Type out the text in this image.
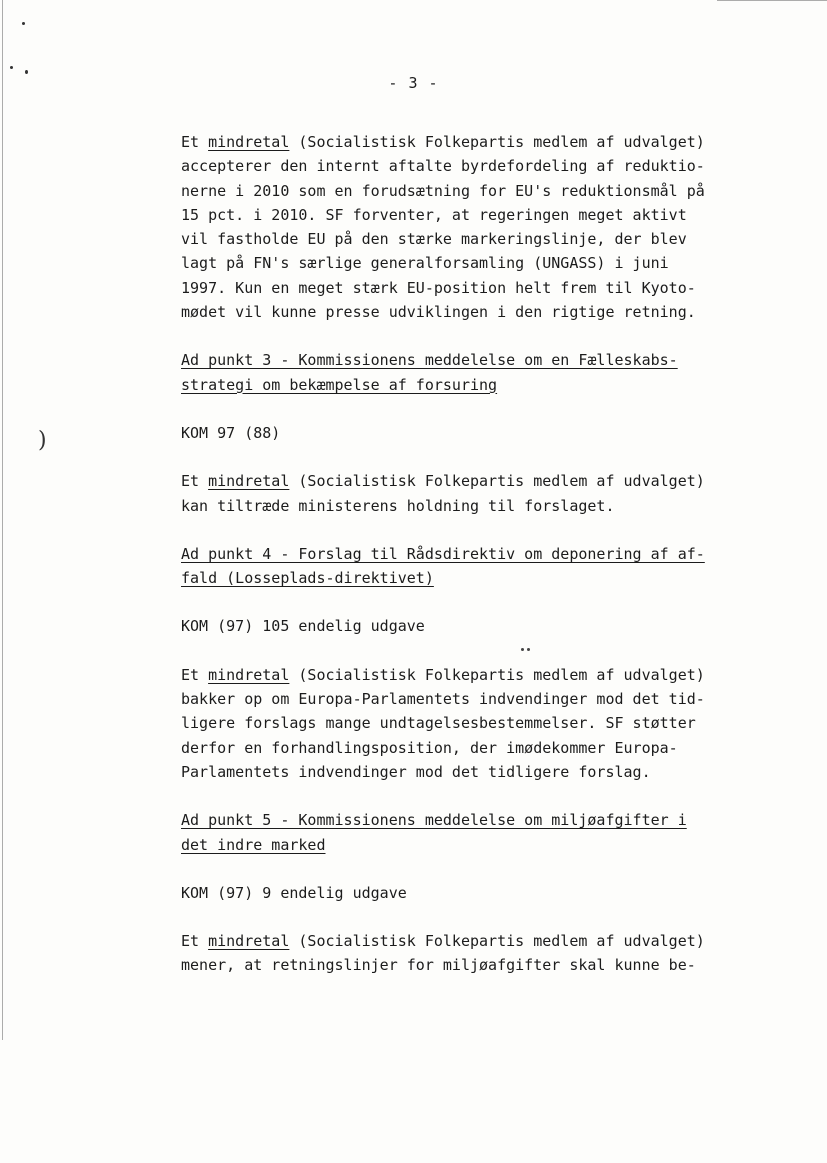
)
- 3 -
Et mindretal (Socialistisk Folkepartis medlem af udvalget)
accepterer den internt aftalte byrdefordeling af reduktio-
nerne i 2010 som en forudsætning for EU's reduktionsmål på
15 pct. i 2010. SF forventer, at regeringen meget aktivt
vil fastholde EU på den stærke markeringslinje, der blev
lagt på FN's særlige generalforsamling (UNGASS) i juni
1997. Kun en meget stærk EU-position helt frem til Kyoto-
mødet vil kunne presse udviklingen i den rigtige retning.
Ad punkt 3 - Kommissionens meddelelse om en Fælleskabs-
strategi om bekæmpelse af forsuring
KOM 97 (88)
Et mindretal (Socialistisk Folkepartis medlem af udvalget)
kan tiltræde ministerens holdning til forslaget.
Ad punkt 4 - Forslag til Rådsdirektiv om deponering af af-
fald (Losseplads-direktivet)
KOM (97) 105 endelig udgave
Et mindretal (Socialistisk Folkepartis medlem af udvalget)
bakker op om Europa-Parlamentets indvendinger mod det tid-
ligere forslags mange undtagelsesbestemmelser. SF støtter
derfor en forhandlingsposition, der imødekommer Europa-
Parlamentets indvendinger mod det tidligere forslag.
Ad punkt 5 - Kommissionens meddelelse om miljøafgifter i
det indre marked
KOM (97) 9 endelig udgave
Et mindretal (Socialistisk Folkepartis medlem af udvalget)
mener, at retningslinjer for miljøafgifter skal kunne be-
